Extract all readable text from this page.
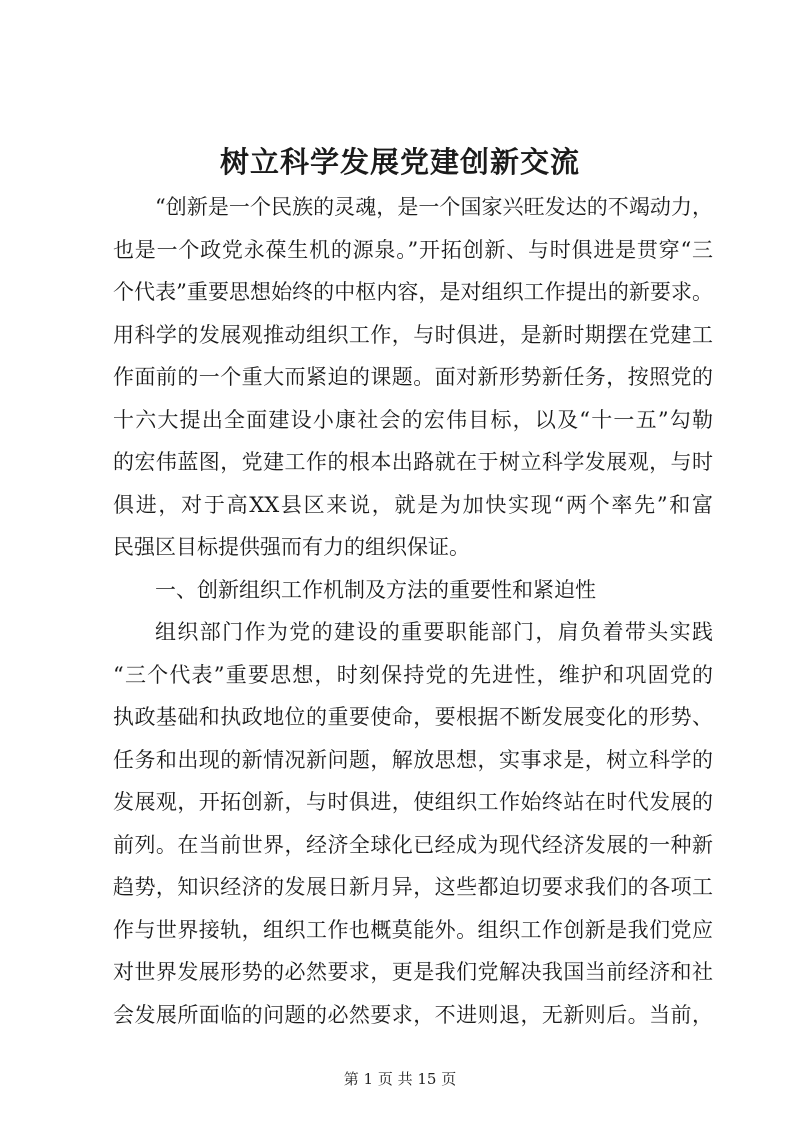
树立科学发展党建创新交流
“创新是一个民族的灵魂，是一个国家兴旺发达的不竭动力，
也是一个政党永葆生机的源泉。”开拓创新、与时俱进是贯穿“三
个代表”重要思想始终的中枢内容，是对组织工作提出的新要求。
用科学的发展观推动组织工作，与时俱进，是新时期摆在党建工
作面前的一个重大而紧迫的课题。面对新形势新任务，按照党的
十六大提出全面建设小康社会的宏伟目标，以及“十一五”勾勒
的宏伟蓝图，党建工作的根本出路就在于树立科学发展观，与时
俱进，对于高XX县区来说，就是为加快实现“两个率先”和富
民强区目标提供强而有力的组织保证。
一、创新组织工作机制及方法的重要性和紧迫性
组织部门作为党的建设的重要职能部门，肩负着带头实践
“三个代表”重要思想，时刻保持党的先进性，维护和巩固党的
执政基础和执政地位的重要使命，要根据不断发展变化的形势、
任务和出现的新情况新问题，解放思想，实事求是，树立科学的
发展观，开拓创新，与时俱进，使组织工作始终站在时代发展的
前列。在当前世界，经济全球化已经成为现代经济发展的一种新
趋势，知识经济的发展日新月异，这些都迫切要求我们的各项工
作与世界接轨，组织工作也概莫能外。组织工作创新是我们党应
对世界发展形势的必然要求，更是我们党解决我国当前经济和社
会发展所面临的问题的必然要求，不进则退，无新则后。当前，
第 1 页 共 15 页
